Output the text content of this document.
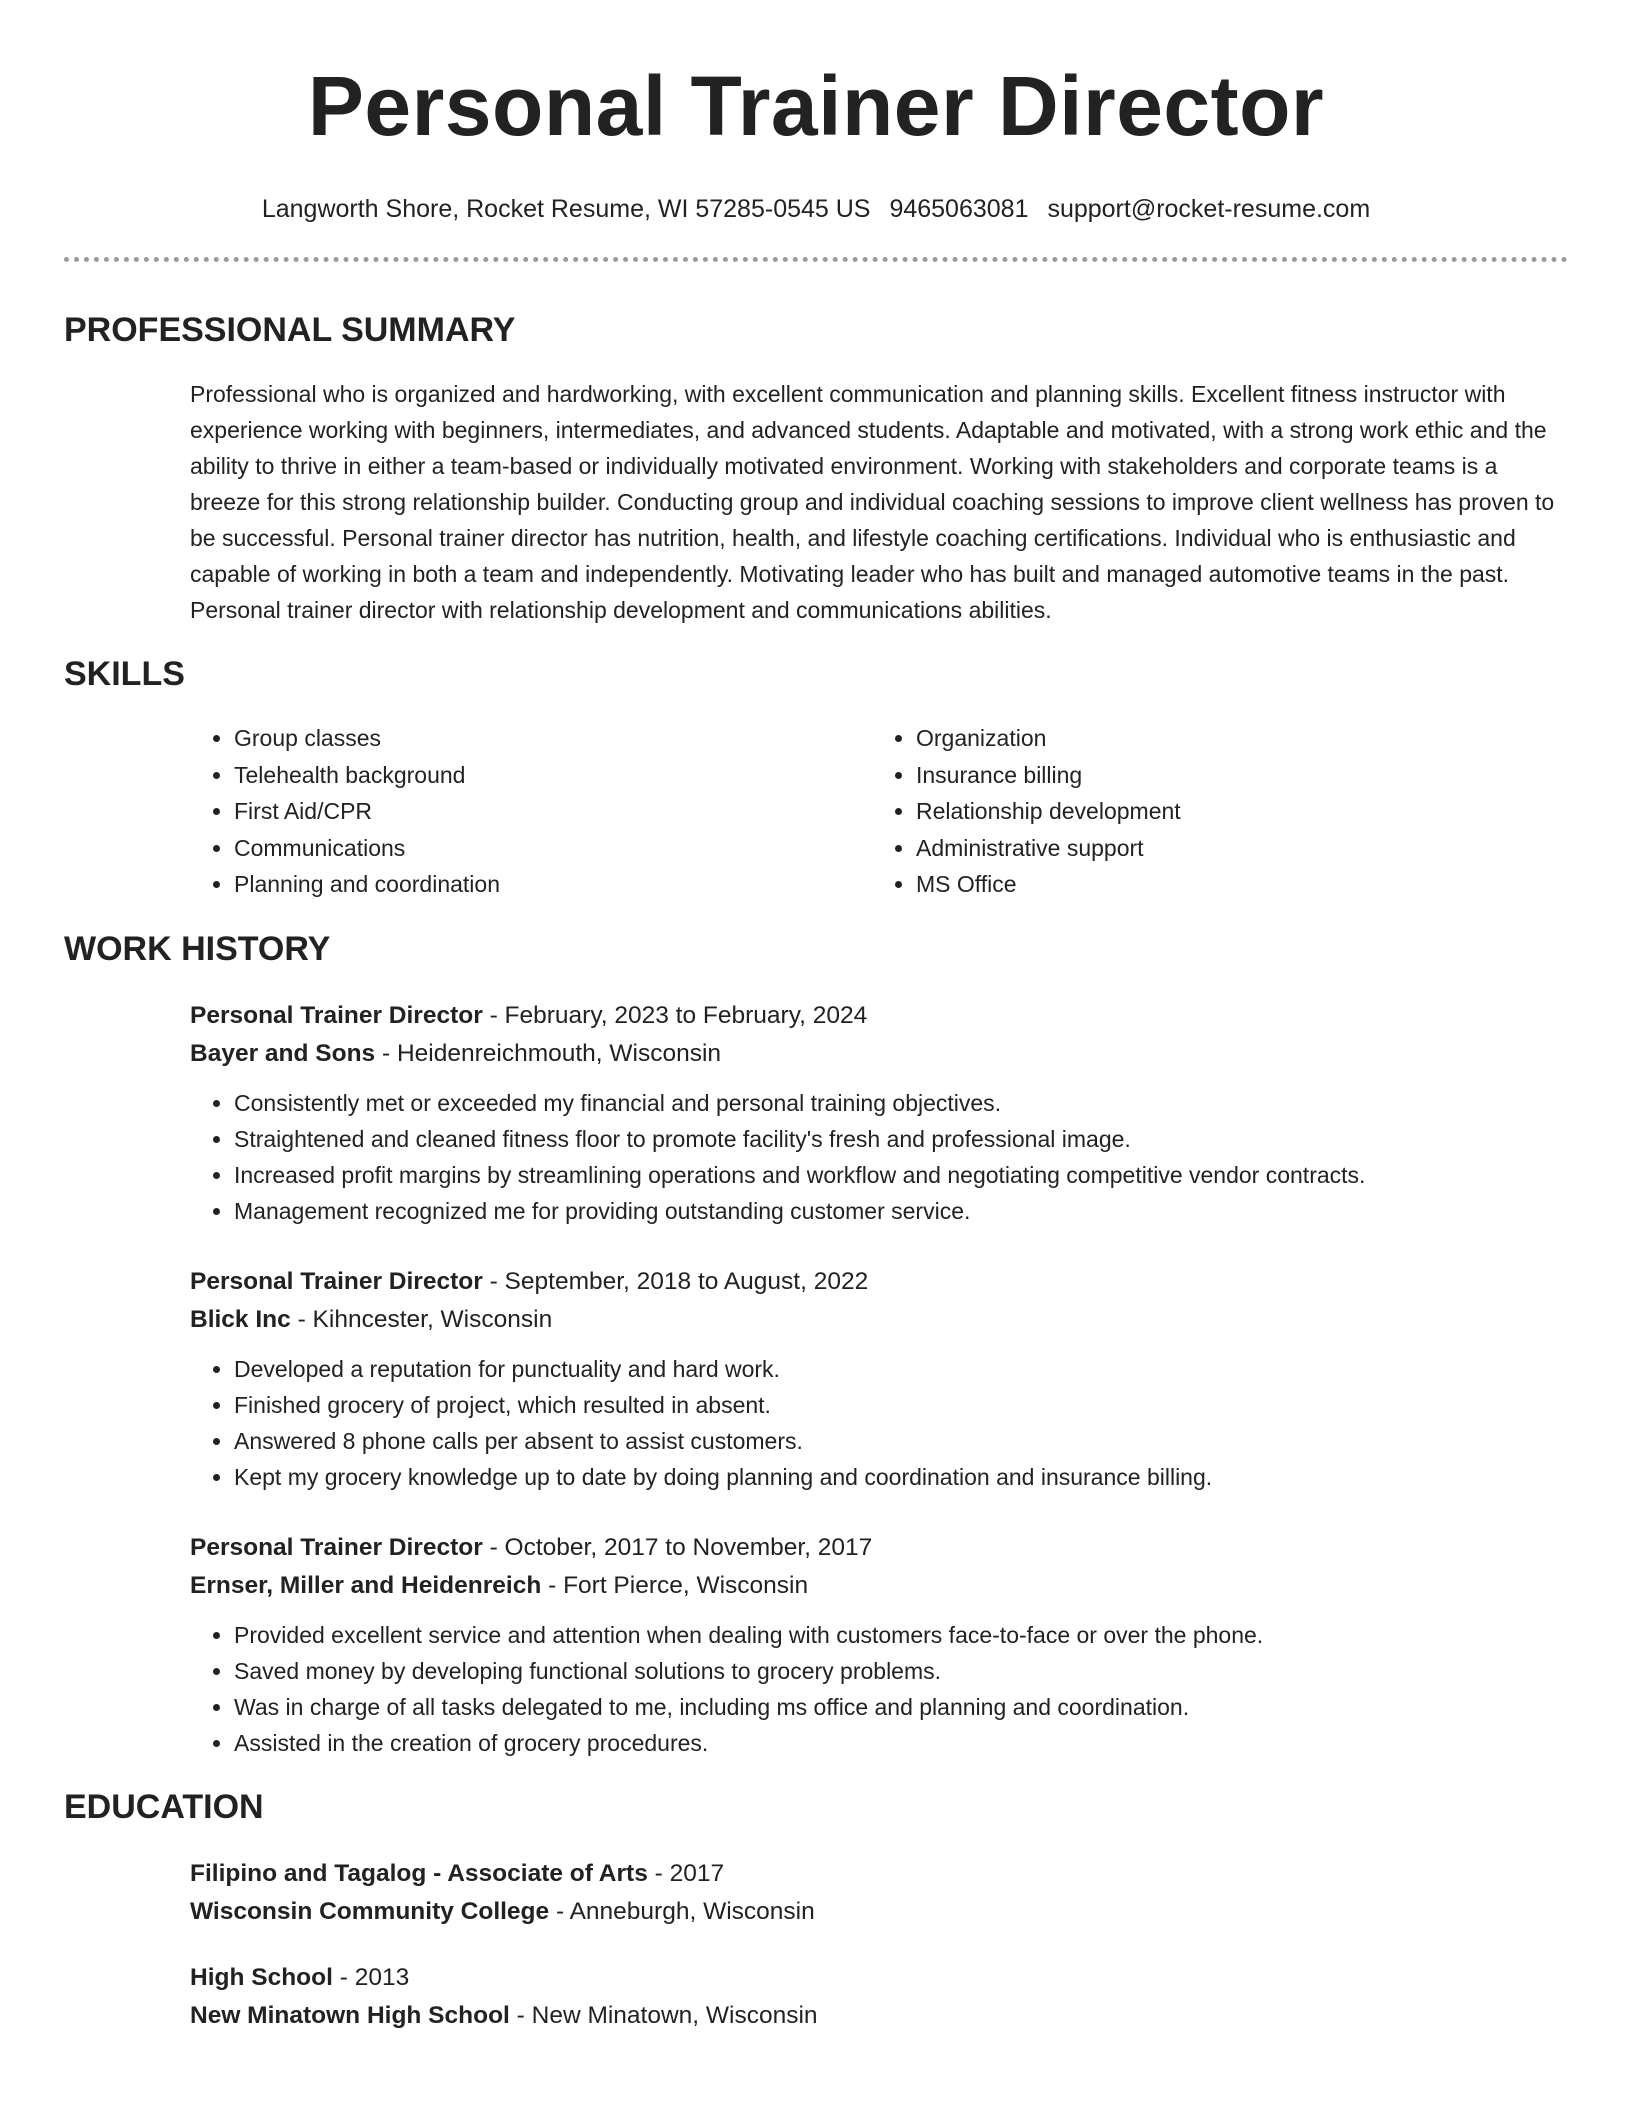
Personal Trainer Director
Langworth Shore, Rocket Resume, WI 57285-0545 US 9465063081 support@rocket-resume.com
PROFESSIONAL SUMMARY
Professional who is organized and hardworking, with excellent communication and planning skills. Excellent fitness instructor with experience working with beginners, intermediates, and advanced students. Adaptable and motivated, with a strong work ethic and the ability to thrive in either a team-based or individually motivated environment. Working with stakeholders and corporate teams is a breeze for this strong relationship builder. Conducting group and individual coaching sessions to improve client wellness has proven to be successful. Personal trainer director has nutrition, health, and lifestyle coaching certifications. Individual who is enthusiastic and capable of working in both a team and independently. Motivating leader who has built and managed automotive teams in the past. Personal trainer director with relationship development and communications abilities.
SKILLS
• Group classes
• Telehealth background
• First Aid/CPR
• Communications
• Planning and coordination
• Organization
• Insurance billing
• Relationship development
• Administrative support
• MS Office
WORK HISTORY
Personal Trainer Director - February, 2023 to February, 2024
Bayer and Sons - Heidenreichmouth, Wisconsin
• Consistently met or exceeded my financial and personal training objectives.
• Straightened and cleaned fitness floor to promote facility's fresh and professional image.
• Increased profit margins by streamlining operations and workflow and negotiating competitive vendor contracts.
• Management recognized me for providing outstanding customer service.
Personal Trainer Director - September, 2018 to August, 2022
Blick Inc - Kihncester, Wisconsin
• Developed a reputation for punctuality and hard work.
• Finished grocery of project, which resulted in absent.
• Answered 8 phone calls per absent to assist customers.
• Kept my grocery knowledge up to date by doing planning and coordination and insurance billing.
Personal Trainer Director - October, 2017 to November, 2017
Ernser, Miller and Heidenreich - Fort Pierce, Wisconsin
• Provided excellent service and attention when dealing with customers face-to-face or over the phone.
• Saved money by developing functional solutions to grocery problems.
• Was in charge of all tasks delegated to me, including ms office and planning and coordination.
• Assisted in the creation of grocery procedures.
EDUCATION
Filipino and Tagalog - Associate of Arts - 2017
Wisconsin Community College - Anneburgh, Wisconsin
High School - 2013
New Minatown High School - New Minatown, Wisconsin
